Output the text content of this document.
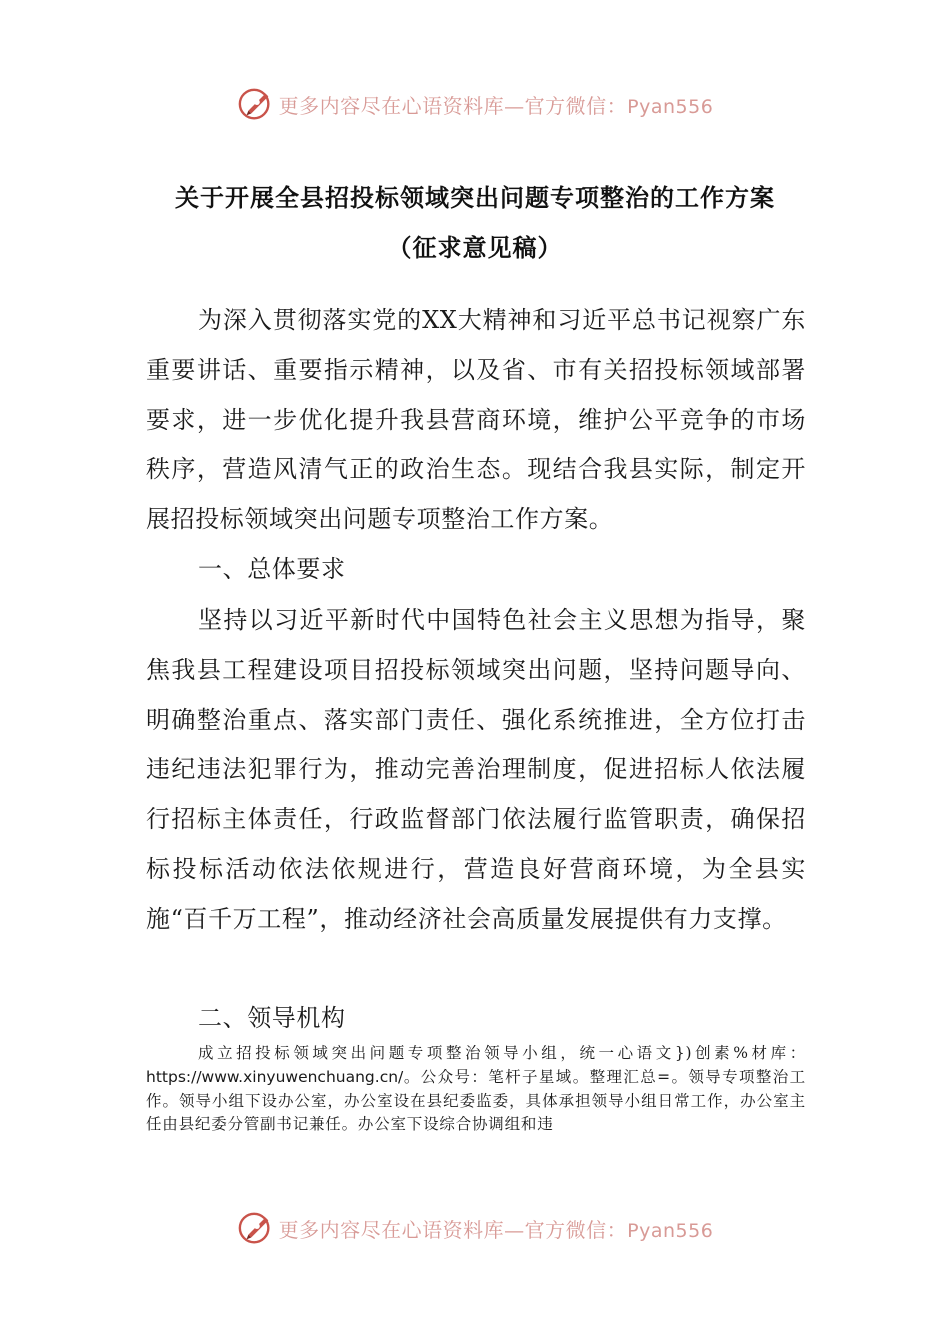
更多内容尽在心语资料库—官方微信：Pyan556
关于开展全县招投标领域突出问题专项整治的工作方案
（征求意见稿）

为深入贯彻落实党的XX大精神和习近平总书记视察广东重要讲话、重要指示精神，以及省、市有关招投标领域部署要求，进一步优化提升我县营商环境，维护公平竞争的市场秩序，营造风清气正的政治生态。现结合我县实际，制定开展招投标领域突出问题专项整治工作方案。

一、总体要求

坚持以习近平新时代中国特色社会主义思想为指导，聚焦我县工程建设项目招投标领域突出问题，坚持问题导向、明确整治重点、落实部门责任、强化系统推进，全方位打击违纪违法犯罪行为，推动完善治理制度，促进招标人依法履行招标主体责任，行政监督部门依法履行监管职责，确保招标投标活动依法依规进行，营造良好营商环境，为全县实施“百千万工程”，推动经济社会高质量发展提供有力支撑。

二、领导机构

成立招投标领域突出问题专项整治领导小组，统一心语文})创素%材库：https://www.xinyuwenchuang.cn/。公众号：笔杆子星域。整理汇总=。领导专项整治工作。领导小组下设办公室，办公室设在县纪委监委，具体承担领导小组日常工作，办公室主任由县纪委分管副书记兼任。办公室下设综合协调组和违

更多内容尽在心语资料库—官方微信：Pyan556
